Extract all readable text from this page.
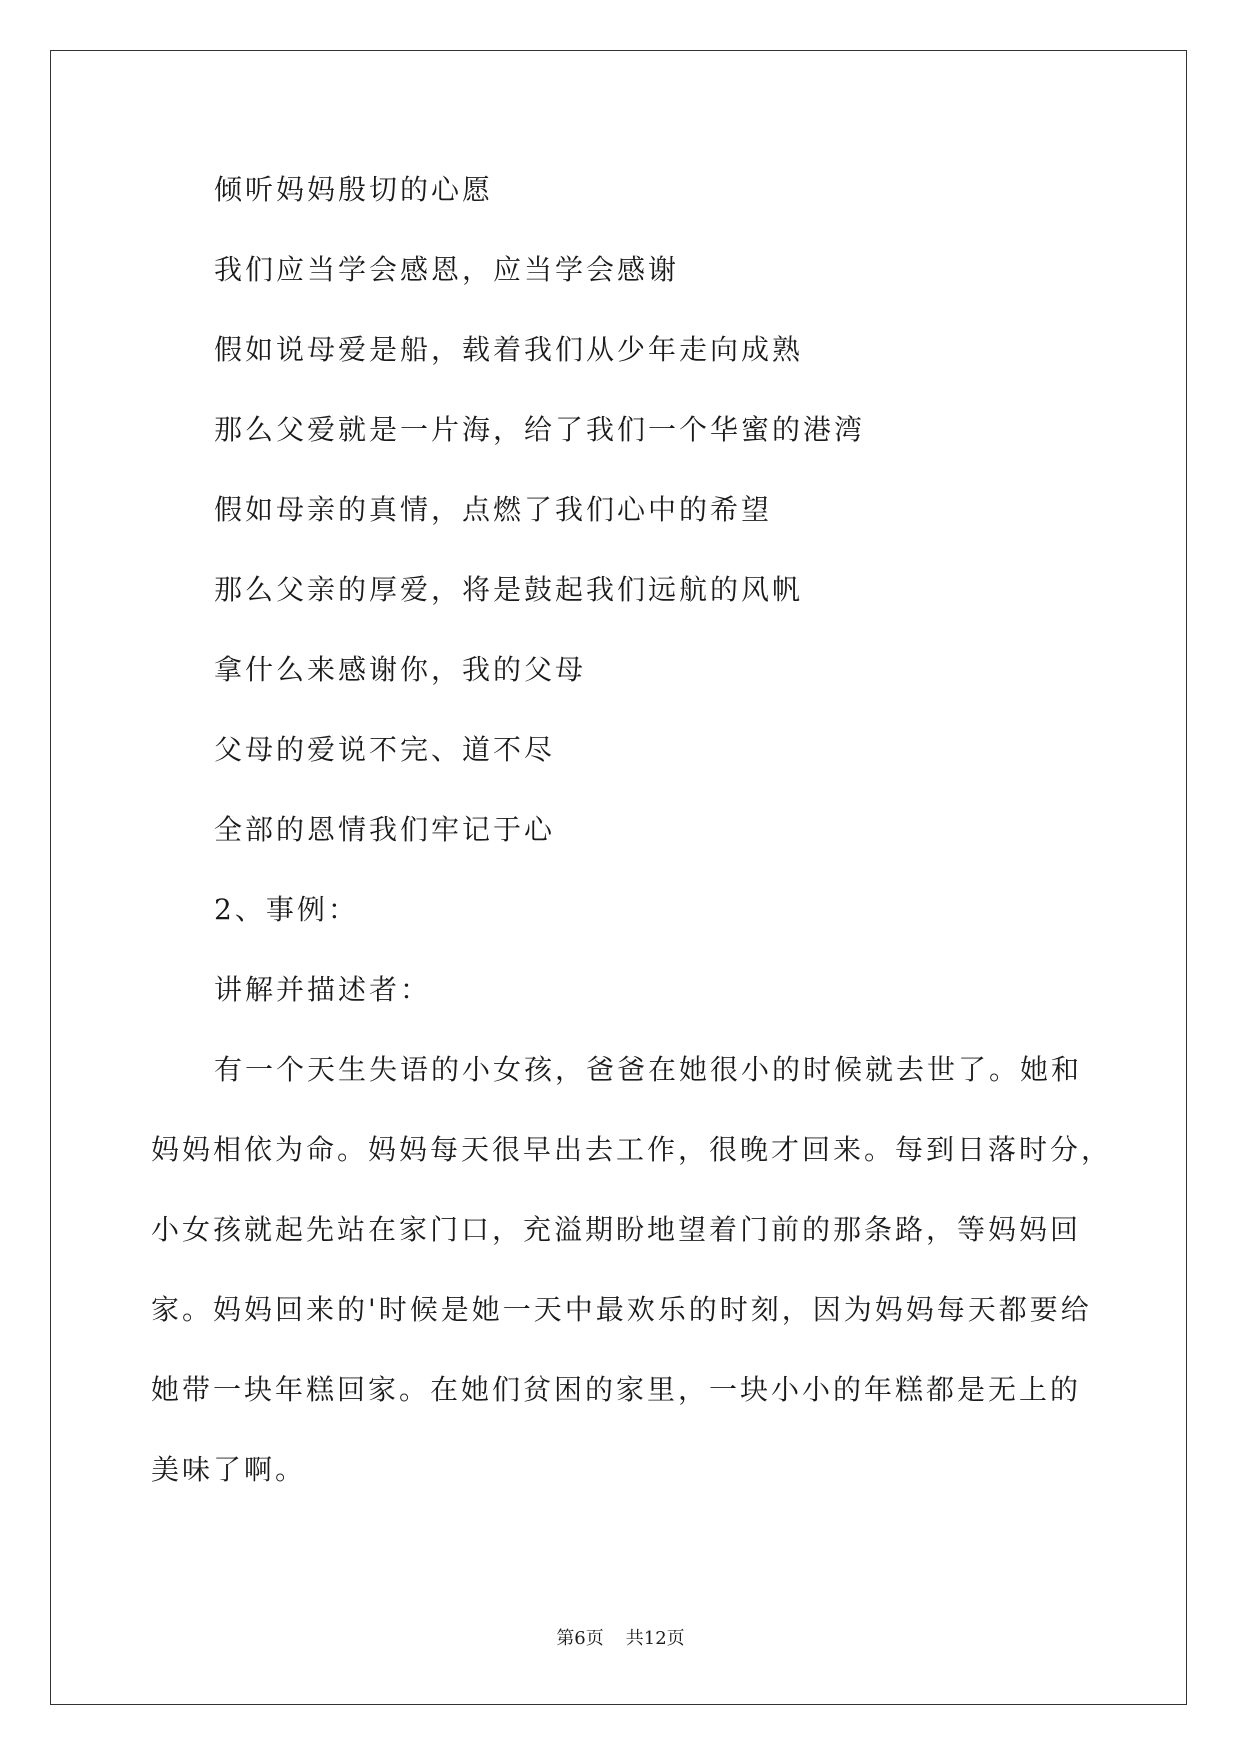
倾听妈妈殷切的心愿
我们应当学会感恩，应当学会感谢
假如说母爱是船，载着我们从少年走向成熟
那么父爱就是一片海，给了我们一个华蜜的港湾
假如母亲的真情，点燃了我们心中的希望
那么父亲的厚爱，将是鼓起我们远航的风帆
拿什么来感谢你，我的父母
父母的爱说不完、道不尽
全部的恩情我们牢记于心
2、事例：
讲解并描述者：
有一个天生失语的小女孩，爸爸在她很小的时候就去世了。她和
妈妈相依为命。妈妈每天很早出去工作，很晚才回来。每到日落时分，
小女孩就起先站在家门口，充溢期盼地望着门前的那条路，等妈妈回
家。妈妈回来的'时候是她一天中最欢乐的时刻，因为妈妈每天都要给
她带一块年糕回家。在她们贫困的家里，一块小小的年糕都是无上的
美味了啊。
第6页 共12页
